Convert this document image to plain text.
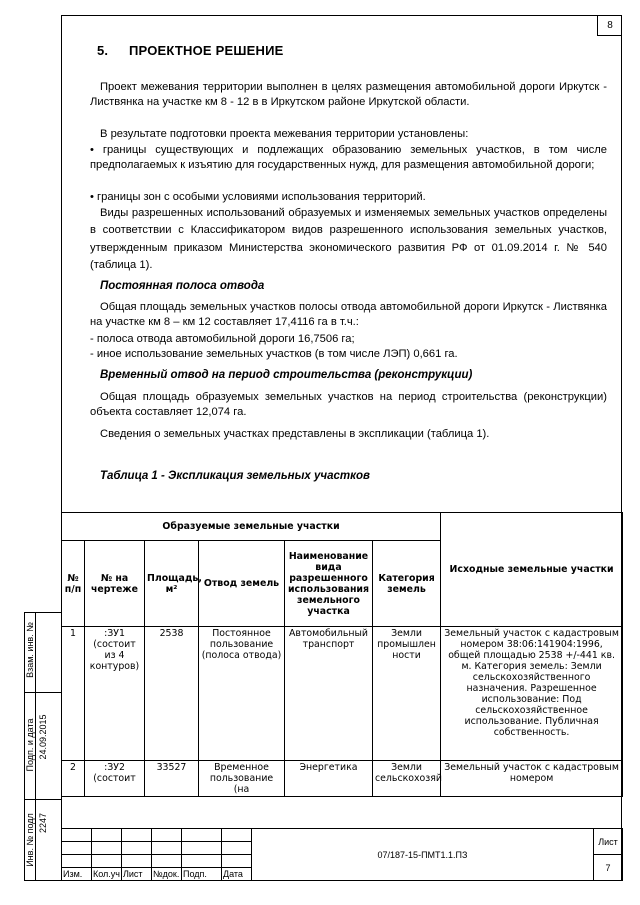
8
5. ПРОЕКТНОЕ РЕШЕНИЕ
Проект межевания территории выполнен в целях размещения автомобильной дороги Иркутск - Листвянка на участке км 8 - 12 в в Иркутском районе Иркутской области.
В результате подготовки проекта межевания территории установлены:
• границы существующих и подлежащих образованию земельных участков, в том числе предполагаемых к изъятию для государственных нужд, для размещения автомобильной дороги;
• границы зон с особыми условиями использования территорий.
Виды разрешенных использований образуемых и изменяемых земельных участков определены в соответствии с Классификатором видов разрешенного использования земельных участков, утвержденным приказом Министерства экономического развития РФ от 01.09.2014 г. № 540 (таблица 1).
Постоянная полоса отвода
Общая площадь земельных участков полосы отвода автомобильной дороги Иркутск - Листвянка на участке км 8 – км 12 составляет 17,4116 га в т.ч.:
- полоса отвода автомобильной дороги 16,7506 га;
- иное использование земельных участков (в том числе ЛЭП) 0,661 га.
Временный отвод на период строительства (реконструкции)
Общая площадь образуемых земельных участков на период строительства (реконструкции) объекта составляет 12,074 га.
Сведения о земельных участках представлены в экспликации (таблица 1).
Таблица 1 - Экспликация земельных участков
Образуемые земельные участки						Исходные земельные участки
№ п/п	№ на чертеже	Площадь, м²	Отвод земель	Наименование вида разрешенного использования земельного участка	Категория земель	
1	:ЗУ1 (состоит из 4 контуров)	2538	Постоянное пользование (полоса отвода)	Автомобильный транспорт	Земли промышлен ности	Земельный участок с кадастровым номером 38:06:141904:1996, общей площадью 2538 +/-441 кв. м. Категория земель: Земли сельскохозяйственного назначения. Разрешенное использование: Под сельскохозяйственное использование. Публичная собственность.
2	:ЗУ2 (состоит	33527	Временное пользование (на	Энергетика	Земли сельскохозяй	Земельный участок с кадастровым номером
Взам. инв. №
Подп. и дата 24.09.2015
Инв. № подл 2247
						07/187-15-ПМТ1.1.ПЗ	Лист

							7
Изм.	Кол.уч	Лист	№док.	Подп.	Дата		
